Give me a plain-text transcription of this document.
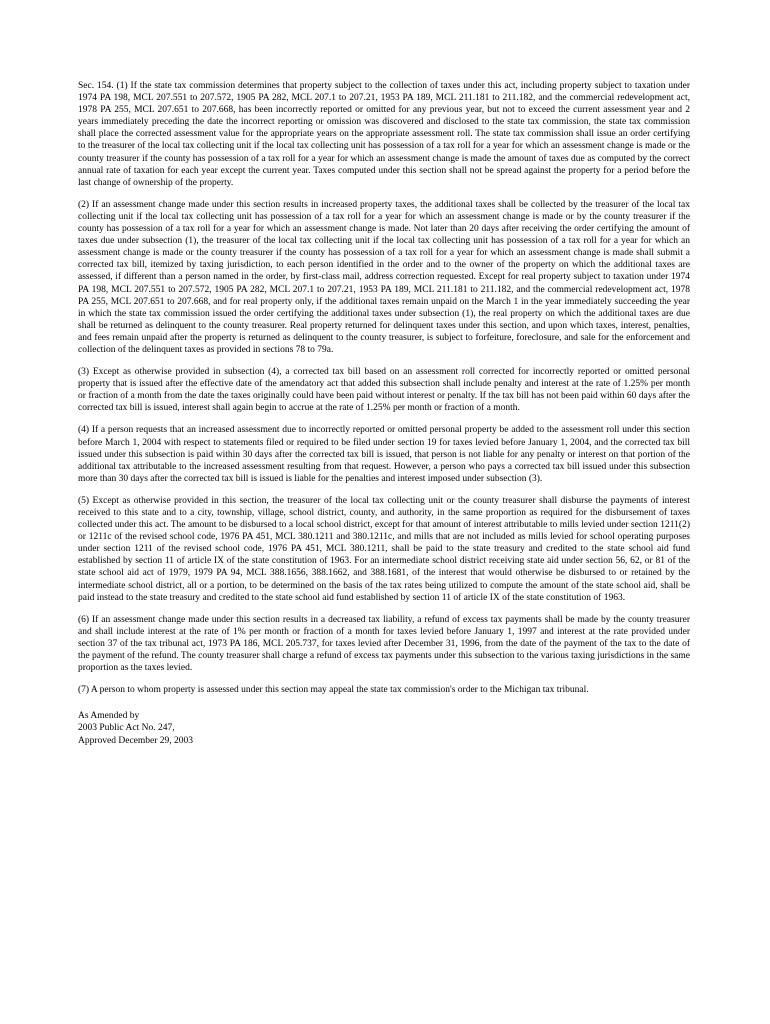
Sec. 154. (1) If the state tax commission determines that property subject to the collection of taxes under this act, including property subject to taxation under 1974 PA 198, MCL 207.551 to 207.572, 1905 PA 282, MCL 207.1 to 207.21, 1953 PA 189, MCL 211.181 to 211.182, and the commercial redevelopment act, 1978 PA 255, MCL 207.651 to 207.668, has been incorrectly reported or omitted for any previous year, but not to exceed the current assessment year and 2 years immediately preceding the date the incorrect reporting or omission was discovered and disclosed to the state tax commission, the state tax commission shall place the corrected assessment value for the appropriate years on the appropriate assessment roll. The state tax commission shall issue an order certifying to the treasurer of the local tax collecting unit if the local tax collecting unit has possession of a tax roll for a year for which an assessment change is made or the county treasurer if the county has possession of a tax roll for a year for which an assessment change is made the amount of taxes due as computed by the correct annual rate of taxation for each year except the current year. Taxes computed under this section shall not be spread against the property for a period before the last change of ownership of the property.

(2) If an assessment change made under this section results in increased property taxes, the additional taxes shall be collected by the treasurer of the local tax collecting unit if the local tax collecting unit has possession of a tax roll for a year for which an assessment change is made or by the county treasurer if the county has possession of a tax roll for a year for which an assessment change is made. Not later than 20 days after receiving the order certifying the amount of taxes due under subsection (1), the treasurer of the local tax collecting unit if the local tax collecting unit has possession of a tax roll for a year for which an assessment change is made or the county treasurer if the county has possession of a tax roll for a year for which an assessment change is made shall submit a corrected tax bill, itemized by taxing jurisdiction, to each person identified in the order and to the owner of the property on which the additional taxes are assessed, if different than a person named in the order, by first-class mail, address correction requested. Except for real property subject to taxation under 1974 PA 198, MCL 207.551 to 207.572, 1905 PA 282, MCL 207.1 to 207.21, 1953 PA 189, MCL 211.181 to 211.182, and the commercial redevelopment act, 1978 PA 255, MCL 207.651 to 207.668, and for real property only, if the additional taxes remain unpaid on the March 1 in the year immediately succeeding the year in which the state tax commission issued the order certifying the additional taxes under subsection (1), the real property on which the additional taxes are due shall be returned as delinquent to the county treasurer. Real property returned for delinquent taxes under this section, and upon which taxes, interest, penalties, and fees remain unpaid after the property is returned as delinquent to the county treasurer, is subject to forfeiture, foreclosure, and sale for the enforcement and collection of the delinquent taxes as provided in sections 78 to 79a.

(3) Except as otherwise provided in subsection (4), a corrected tax bill based on an assessment roll corrected for incorrectly reported or omitted personal property that is issued after the effective date of the amendatory act that added this subsection shall include penalty and interest at the rate of 1.25% per month or fraction of a month from the date the taxes originally could have been paid without interest or penalty. If the tax bill has not been paid within 60 days after the corrected tax bill is issued, interest shall again begin to accrue at the rate of 1.25% per month or fraction of a month.

(4) If a person requests that an increased assessment due to incorrectly reported or omitted personal property be added to the assessment roll under this section before March 1, 2004 with respect to statements filed or required to be filed under section 19 for taxes levied before January 1, 2004, and the corrected tax bill issued under this subsection is paid within 30 days after the corrected tax bill is issued, that person is not liable for any penalty or interest on that portion of the additional tax attributable to the increased assessment resulting from that request. However, a person who pays a corrected tax bill issued under this subsection more than 30 days after the corrected tax bill is issued is liable for the penalties and interest imposed under subsection (3).

(5) Except as otherwise provided in this section, the treasurer of the local tax collecting unit or the county treasurer shall disburse the payments of interest received to this state and to a city, township, village, school district, county, and authority, in the same proportion as required for the disbursement of taxes collected under this act. The amount to be disbursed to a local school district, except for that amount of interest attributable to mills levied under section 1211(2) or 1211c of the revised school code, 1976 PA 451, MCL 380.1211 and 380.1211c, and mills that are not included as mills levied for school operating purposes under section 1211 of the revised school code, 1976 PA 451, MCL 380.1211, shall be paid to the state treasury and credited to the state school aid fund established by section 11 of article IX of the state constitution of 1963. For an intermediate school district receiving state aid under section 56, 62, or 81 of the state school aid act of 1979, 1979 PA 94, MCL 388.1656, 388.1662, and 388.1681, of the interest that would otherwise be disbursed to or retained by the intermediate school district, all or a portion, to be determined on the basis of the tax rates being utilized to compute the amount of the state school aid, shall be paid instead to the state treasury and credited to the state school aid fund established by section 11 of article IX of the state constitution of 1963.

(6) If an assessment change made under this section results in a decreased tax liability, a refund of excess tax payments shall be made by the county treasurer and shall include interest at the rate of 1% per month or fraction of a month for taxes levied before January 1, 1997 and interest at the rate provided under section 37 of the tax tribunal act, 1973 PA 186, MCL 205.737, for taxes levied after December 31, 1996, from the date of the payment of the tax to the date of the payment of the refund. The county treasurer shall charge a refund of excess tax payments under this subsection to the various taxing jurisdictions in the same proportion as the taxes levied.

(7) A person to whom property is assessed under this section may appeal the state tax commission's order to the Michigan tax tribunal.

As Amended by
2003 Public Act No. 247,
Approved December 29, 2003
